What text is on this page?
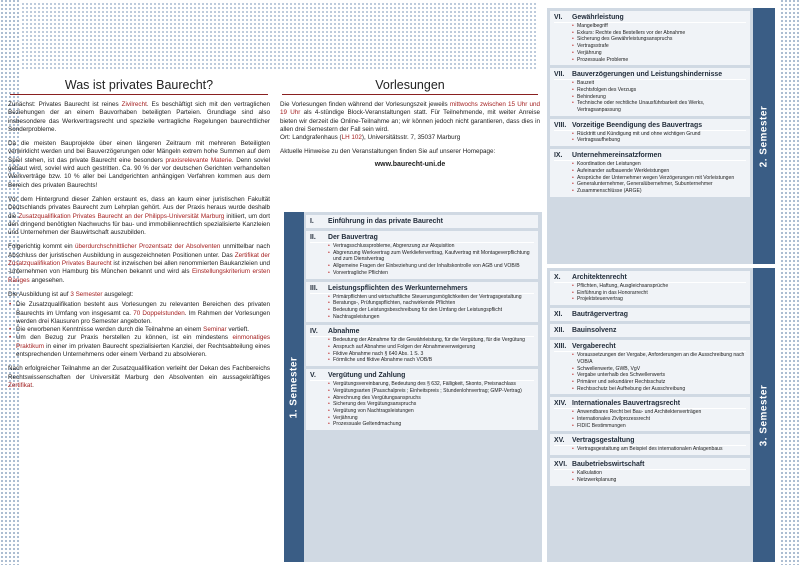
Was ist privates Baurecht?

Zunächst: Privates Baurecht ist reines Zivilrecht. Es beschäftigt sich mit den vertraglichen Beziehungen der an einem Bauvorhaben beteiligten Parteien. Grundlage sind also insbesondere das Werkvertragsrecht und spezielle vertragliche Regelungen baurechtlicher Sonderprobleme.

Da die meisten Bauprojekte über einen längeren Zeitraum mit mehreren Beteiligten verwirklicht werden und bei Bauverzögerungen oder Mängeln extrem hohe Summen auf dem Spiel stehen, ist das private Baurecht eine besonders praxisrelevante Materie. Denn soviel gebaut wird, soviel wird auch gestritten. Ca. 90 % der vor deutschen Gerichten verhandelten Werkverträge bzw. 10 % aller bei Landgerichten anhängigen Verfahren kommen aus dem Bereich des privaten Baurechts!

Vor dem Hintergrund dieser Zahlen erstaunt es, dass an kaum einer juristischen Fakultät Deutschlands privates Baurecht zum Lehrplan gehört. Aus der Praxis heraus wurde deshalb die Zusatzqualifikation Privates Baurecht an der Philipps-Universität Marburg initiiert, um dort den dringend benötigten Nachwuchs für bau- und immobilienrechtlich spezialisierte Kanzleien und Unternehmen der Bauwirtschaft auszubilden.

Folgerichtig kommt ein überdurchschnittlicher Prozentsatz der Absolventen unmittelbar nach Abschluss der juristischen Ausbildung in ausgezeichneten Positionen unter. Das Zertifikat der Zusatzqualifikation Privates Baurecht ist inzwischen bei allen renommierten Baukanzleien und -unternehmen von Hamburg bis München bekannt und wird als Einstellungskriterium ersten Ranges angesehen.

Die Ausbildung ist auf 3 Semester ausgelegt:

• Die Zusatzqualifikation besteht aus Vorlesungen zu relevanten Bereichen des privaten Baurechts im Umfang von insgesamt ca. 70 Doppelstunden. Im Rahmen der Vorlesungen werden drei Klausuren pro Semester angeboten.
• Die erworbenen Kenntnisse werden durch die Teilnahme an einem Seminar vertieft.
• Um den Bezug zur Praxis herstellen zu können, ist ein mindestens einmonatiges Praktikum in einer im privaten Baurecht spezialisierten Kanzlei, der Rechtsabteilung eines entsprechenden Unternehmens oder einem Verband zu absolvieren.

Nach erfolgreicher Teilnahme an der Zusatzqualifikation verleiht der Dekan des Fachbereichs Rechtswissenschaften der Universität Marburg den Absolventen ein aussagekräftiges Zertifikat.

Vorlesungen

Die Vorlesungen finden während der Vorlesungszeit jeweils mittwochs zwischen 15 Uhr und 19 Uhr als 4-stündige Block-Veranstaltungen statt. Für Teilnehmende, mit weiter Anreise bieten wir derzeit die Online-Teilnahme an; wir können jedoch nicht garantieren, dass dies in allen drei Semestern der Fall sein wird.

Ort: Landgrafenhaus (LH 102), Universitätsstr. 7, 35037 Marburg

Aktuelle Hinweise zu den Veranstaltungen finden Sie auf unserer Homepage:

www.baurecht-uni.de
1. Semester
I.	Einführung in das private Baurecht
II.	Der Bauvertrag
• Vertragsschlussprobleme, Abgrenzung zur Akquisition
• Abgrenzung Werkvertrag zum Werklieferverttrag, Kaufvertrag mit Montageverpflichtung und zum Dienstvertrag
• Allgemeine Fragen der Einbeziehung und der Inhaltskontrolle von AGB und VOB/B
• Vorvertragliche Pflichten
III.	Leistungspflichten des Werkunternehmers
• Primärpflichten und wirtschaftliche Steuerungsmöglichkeiten der Vertragsgestaltung
• Beratungs-, Prüfungspflichten, nachwirkende Pflichten
• Bedeutung der Leistungsbeschreibung für den Umfang der Leistungspflicht
• Nachtragsleistungen
IV.	Abnahme
• Bedeutung der Abnahme für die Gewährleistung, für die Vergütung, für die Vergütung
• Anspruch auf Abnahme und Folgen der Abnahmeverweigerung
• Fiktive Abnahme nach § 640 Abs. 1 S. 3
• Förmliche und fiktive Abnahme nach VOB/B
V.	Vergütung und Zahlung
• Vergütungsvereinbarung, Bedeutung des § 632, Fälligkeit, Skonto, Preisnachlass
• Vergütungsarten (Pauschalpreis ; Einheitspreis ; Stundenlohnvertrag; GMP-Vertrag)
• Abrechnung des Vergütungsanspruchs
• Sicherung des Vergütungsanspruchs
• Vergütung von Nachtragsleistungen
• Verjährung
• Prozessuale Geltendmachung
VI.	Gewährleistung
• Mangelbegriff
• Exkurs: Rechte des Bestellers vor der Abnahme
• Sicherung des Gewährleistungsanspruchs
• Vertragsstrafe
• Verjährung
• Prozessuale Probleme
VII.	Bauverzögerungen und Leistungshindernisse
• Bauzeit
• Rechtsfolgen des Verzugs
• Behinderung
• Technische oder rechtliche Unausführbarkeit des Werks, Vertragsanpassung
VIII. Vorzeitige Beendigung des Bauvertrags
• Rücktritt und Kündigung mit und ohne wichtigen Grund
• Vertragsaufhebung
IX.	Unternehmereinsatzformen
• Koordination der Leistungen
• Aufeinander aufbauende Werkleistungen
• Ansprüche der Unternehmer wegen Verzögerungen mit Vorleistungen
• Generalunternehmer, Generalübernehmer, Subunternehmer
• Zusammenschlüsse (ARGE)
2. Semester
X.	Architektenrecht
• Pflichten, Haftung, Ausgleichsansprüche
• Einführung in das Honorarrecht
• Projektsteuervertrag
XI.	Bauträgervertrag
XII.	Bauinsolvenz
XIII. Vergaberecht
• Voraussetzungen der Vergabe, Anforderungen an die Ausschreibung nach VOB/A
• Schwellenwerte, GWB, VgV
• Vergabe unterhalb des Schwellenwerts
• Primärer und sekundärer Rechtsschutz
• Rechtsschutz bei Aufhebung der Ausschreibung
XIV. Internationales Bauvertragsrecht
• Anwendbares Recht bei Bau- und Architektenverträgen
• Internationales Zivilprozessrecht
• FIDIC Bestimmungen
XV.	Vertragsgestaltung
• Vertragsgestaltung am Beispiel des internationalen Anlagenbaus
XVI. Baubetriebswirtschaft
• Kalkulation
• Netzwerkplanung
3. Semester
